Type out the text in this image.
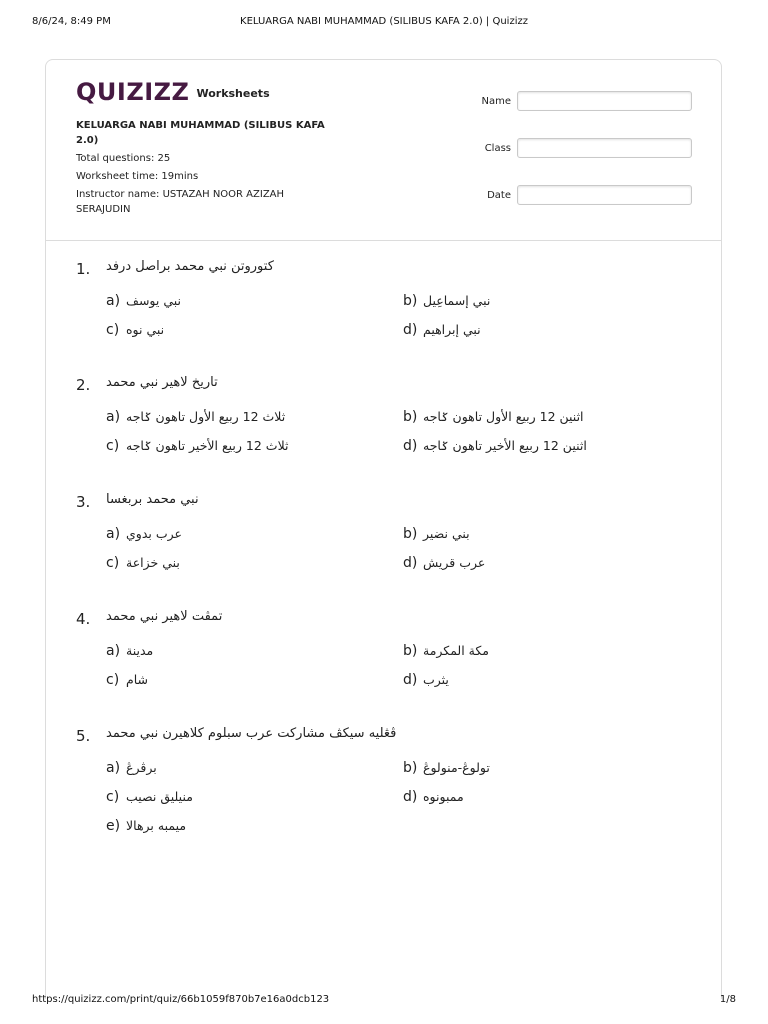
8/6/24, 8:49 PM	KELUARGA NABI MUHAMMAD (SILIBUS KAFA 2.0) | Quizizz
QUIZIZZ Worksheets
KELUARGA NABI MUHAMMAD (SILIBUS KAFA 2.0)
Total questions: 25
Worksheet time: 19mins
Instructor name: USTAZAH NOOR AZIZAH SERAJUDIN
Name
Class
Date
1. كتوروتن نبي محمد براصل درفد
a) نبي يوسف	b) نبي إسماعِيل
c) نبي نوه	d) نبي إبراهيم
2. تاريخ لاهير نبي محمد
a) ثلاث 12 ربيع الأول تاهون ݢاجه	b) اثنين 12 ربيع الأول تاهون ݢاجه
c) ثلاث 12 ربيع الأخير تاهون ݢاجه	d) اثنين 12 ربيع الأخير تاهون ݢاجه
3. نبي محمد بربغسا
a) عرب بدوي	b) بني نضير
c) بني خزاعة	d) عرب قريش
4. تمڤت لاهير نبي محمد
a) مدينة	b) مكة المكرمة
c) شام	d) يثرب
5. ڤڠليه سيكڤ مشاركت عرب سبلوم كلاهيرن نبي محمد
a) برڤرڠ	b) تولوڠ-منولوڠ
c) منيليق نصيب	d) ممبونوه
e) ميمبه برهالا
https://quizizz.com/print/quiz/66b1059f870b7e16a0dcb123	1/8
